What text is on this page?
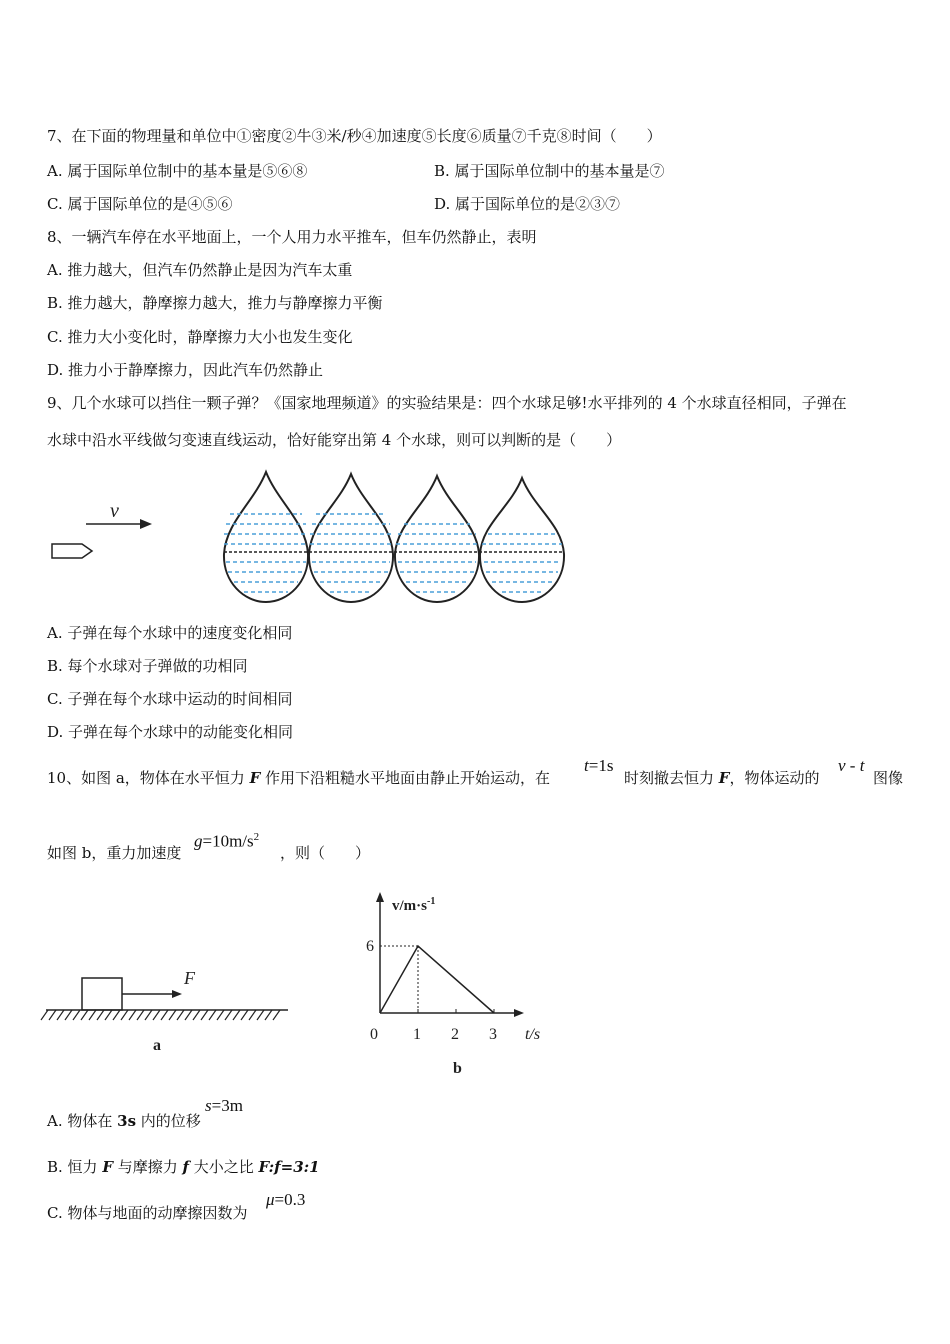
7、在下面的物理量和单位中①密度②牛③米/秒④加速度⑤长度⑥质量⑦千克⑧时间（　　）
A. 属于国际单位制中的基本量是⑤⑥⑧	B. 属于国际单位制中的基本量是⑦
C. 属于国际单位的是④⑤⑥	D. 属于国际单位的是②③⑦
8、一辆汽车停在水平地面上，一个人用力水平推车，但车仍然静止，表明
A. 推力越大，但汽车仍然静止是因为汽车太重
B. 推力越大，静摩擦力越大，推力与静摩擦力平衡
C. 推力大小变化时，静摩擦力大小也发生变化
D. 推力小于静摩擦力，因此汽车仍然静止
9、几个水球可以挡住一颗子弹？《国家地理频道》的实验结果是：四个水球足够!水平排列的 4 个水球直径相同，子弹在
水球中沿水平线做匀变速直线运动，恰好能穿出第 4 个水球，则可以判断的是（　　）
v
A. 子弹在每个水球中的速度变化相同
B. 每个水球对子弹做的功相同
C. 子弹在每个水球中运动的时间相同
D. 子弹在每个水球中的动能变化相同
10、如图 a，物体在水平恒力 F 作用下沿粗糙水平地面由静止开始运动，在
t=1s
时刻撤去恒力 F，物体运动的
v - t
图像
如图 b，重力加速度
$g=10m/s^2$
，则（　　）
F
a
$v/m\cdot s^{-1}$
t/s
6
0 1 2 3
b
A. 物体在 3s 内的位移
s=3m
B. 恒力 F 与摩擦力 f 大小之比 F:f=3:1
C. 物体与地面的动摩擦因数为
μ=0.3
